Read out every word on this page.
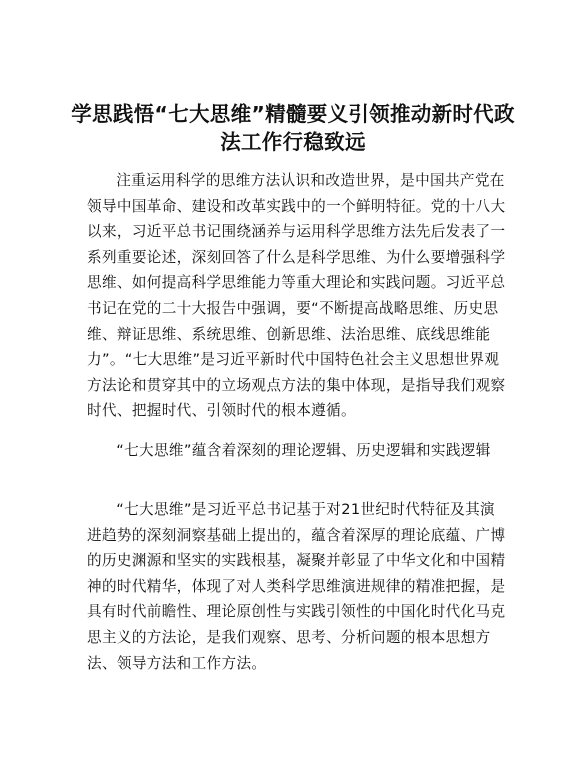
学思践悟“七大思维”精髓要义引领推动新时代政法工作行稳致远

注重运用科学的思维方法认识和改造世界，是中国共产党在领导中国革命、建设和改革实践中的一个鲜明特征。党的十八大以来，习近平总书记围绕涵养与运用科学思维方法先后发表了一系列重要论述，深刻回答了什么是科学思维、为什么要增强科学思维、如何提高科学思维能力等重大理论和实践问题。习近平总书记在党的二十大报告中强调，要“不断提高战略思维、历史思维、辩证思维、系统思维、创新思维、法治思维、底线思维能力”。“七大思维”是习近平新时代中国特色社会主义思想世界观方法论和贯穿其中的立场观点方法的集中体现，是指导我们观察时代、把握时代、引领时代的根本遵循。

“七大思维”蕴含着深刻的理论逻辑、历史逻辑和实践逻辑

“七大思维”是习近平总书记基于对21世纪时代特征及其演进趋势的深刻洞察基础上提出的，蕴含着深厚的理论底蕴、广博的历史渊源和坚实的实践根基，凝聚并彰显了中华文化和中国精神的时代精华，体现了对人类科学思维演进规律的精准把握，是具有时代前瞻性、理论原创性与实践引领性的中国化时代化马克思主义的方法论，是我们观察、思考、分析问题的根本思想方法、领导方法和工作方法。
